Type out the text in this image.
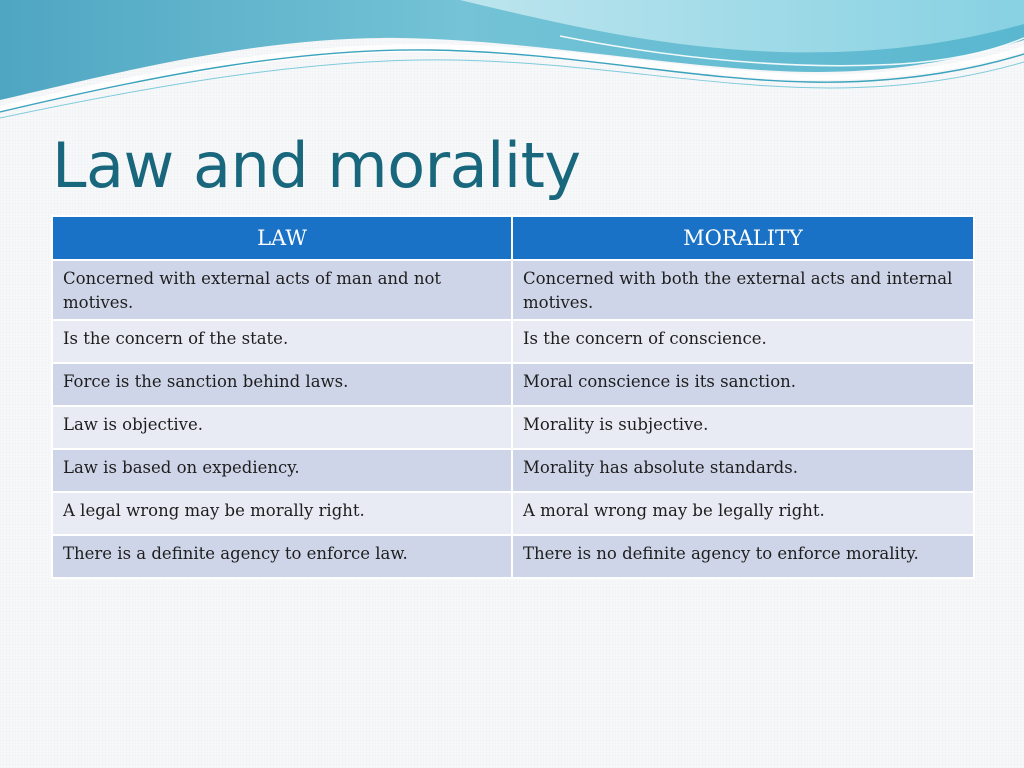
Law and morality
LAW	MORALITY
Concerned with external acts of man and not motives.	Concerned with both the external acts and internal motives.
Is the concern of the state.	Is the concern of conscience.
Force is the sanction behind laws.	Moral conscience is its sanction.
Law is objective.	Morality is subjective.
Law is based on expediency.	Morality has absolute standards.
A legal wrong may be morally right.	A moral wrong may be legally right.
There is a definite agency to enforce law.	There is no definite agency to enforce morality.
